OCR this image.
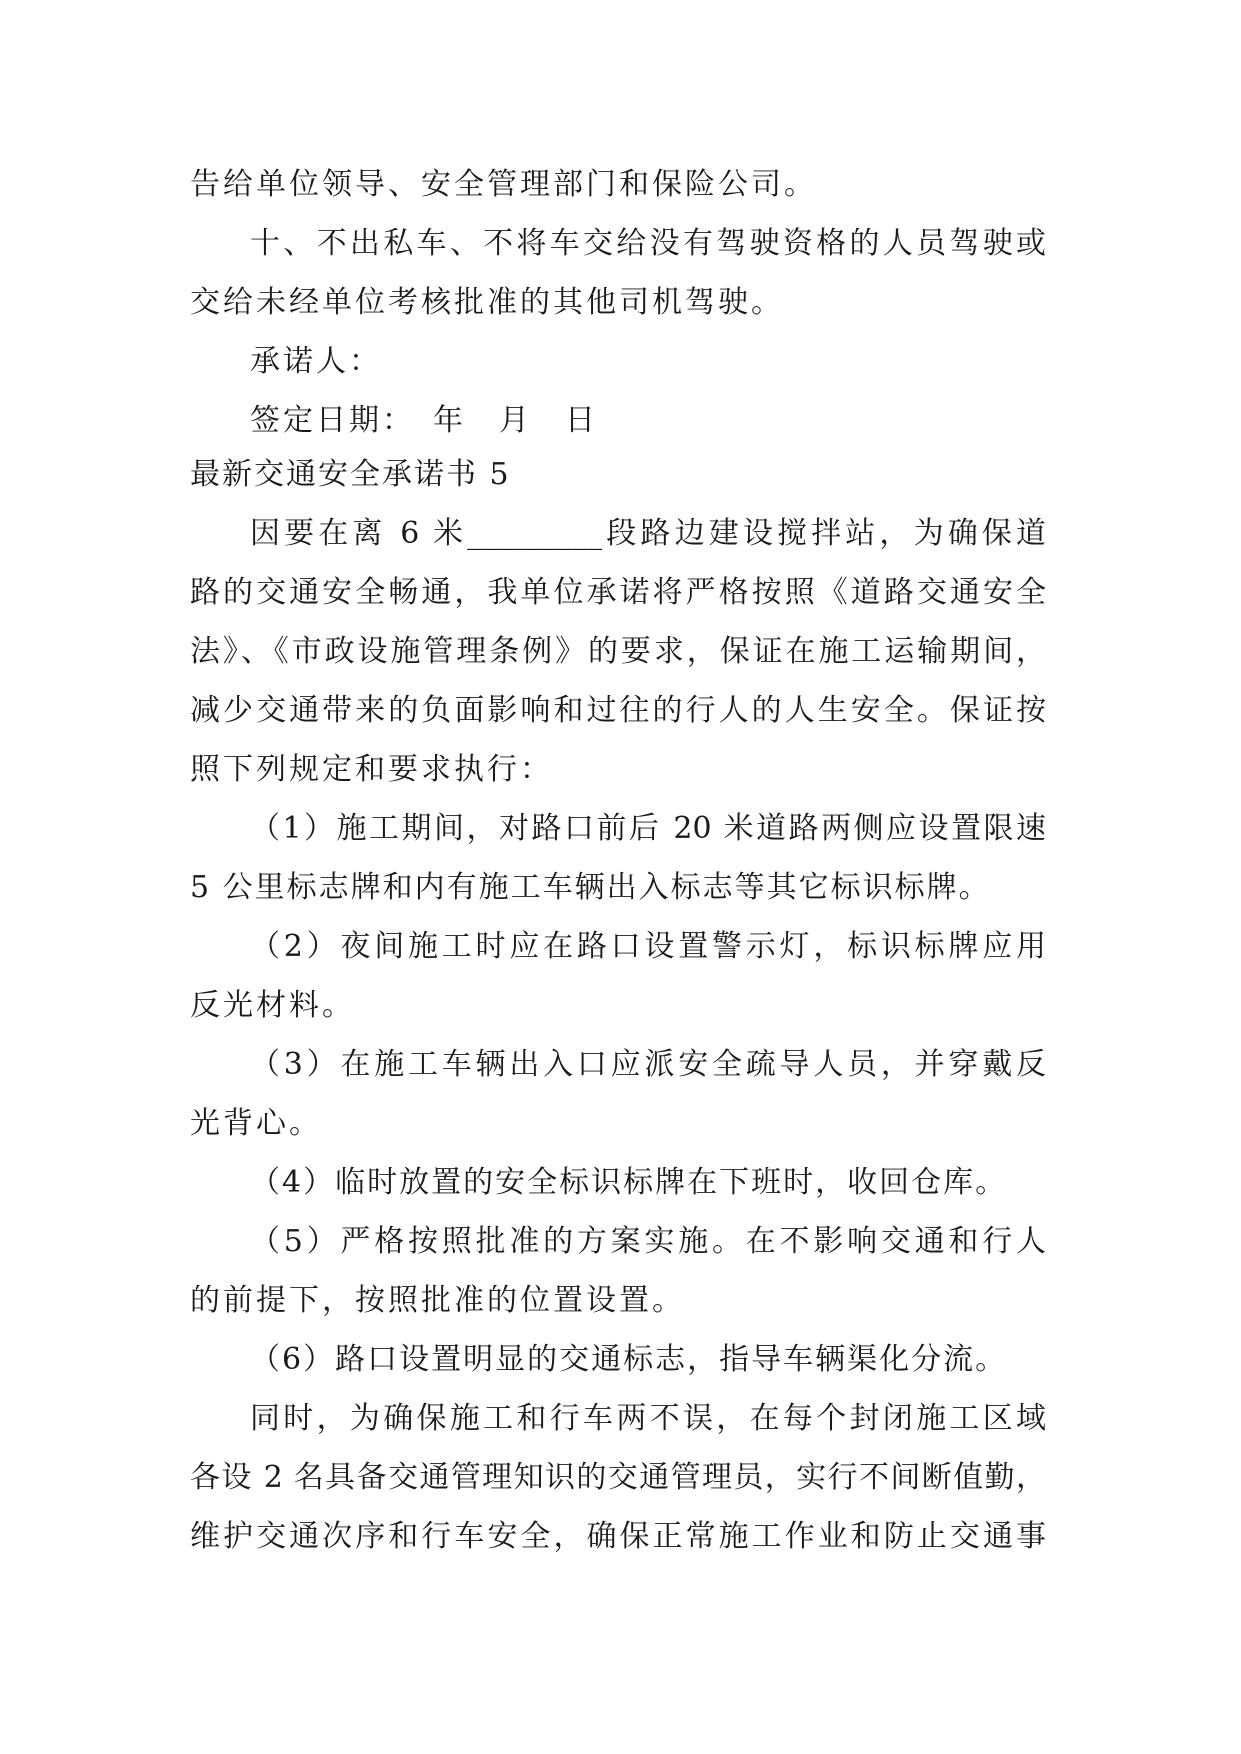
告给单位领导、安全管理部门和保险公司。
十、不出私车、不将车交给没有驾驶资格的人员驾驶或
交给未经单位考核批准的其他司机驾驶。
承诺人：
签定日期：　年　月　日
最新交通安全承诺书 5
因要在离 6 米_________段路边建设搅拌站，为确保道
路的交通安全畅通，我单位承诺将严格按照《道路交通安全
法》、《市政设施管理条例》的要求，保证在施工运输期间，
减少交通带来的负面影响和过往的行人的人生安全。保证按
照下列规定和要求执行：
（1）施工期间，对路口前后 20 米道路两侧应设置限速
5 公里标志牌和内有施工车辆出入标志等其它标识标牌。
（2）夜间施工时应在路口设置警示灯，标识标牌应用
反光材料。
（3）在施工车辆出入口应派安全疏导人员，并穿戴反
光背心。
（4）临时放置的安全标识标牌在下班时，收回仓库。
（5）严格按照批准的方案实施。在不影响交通和行人
的前提下，按照批准的位置设置。
（6）路口设置明显的交通标志，指导车辆渠化分流。
同时，为确保施工和行车两不误，在每个封闭施工区域
各设 2 名具备交通管理知识的交通管理员，实行不间断值勤，
维护交通次序和行车安全，确保正常施工作业和防止交通事
